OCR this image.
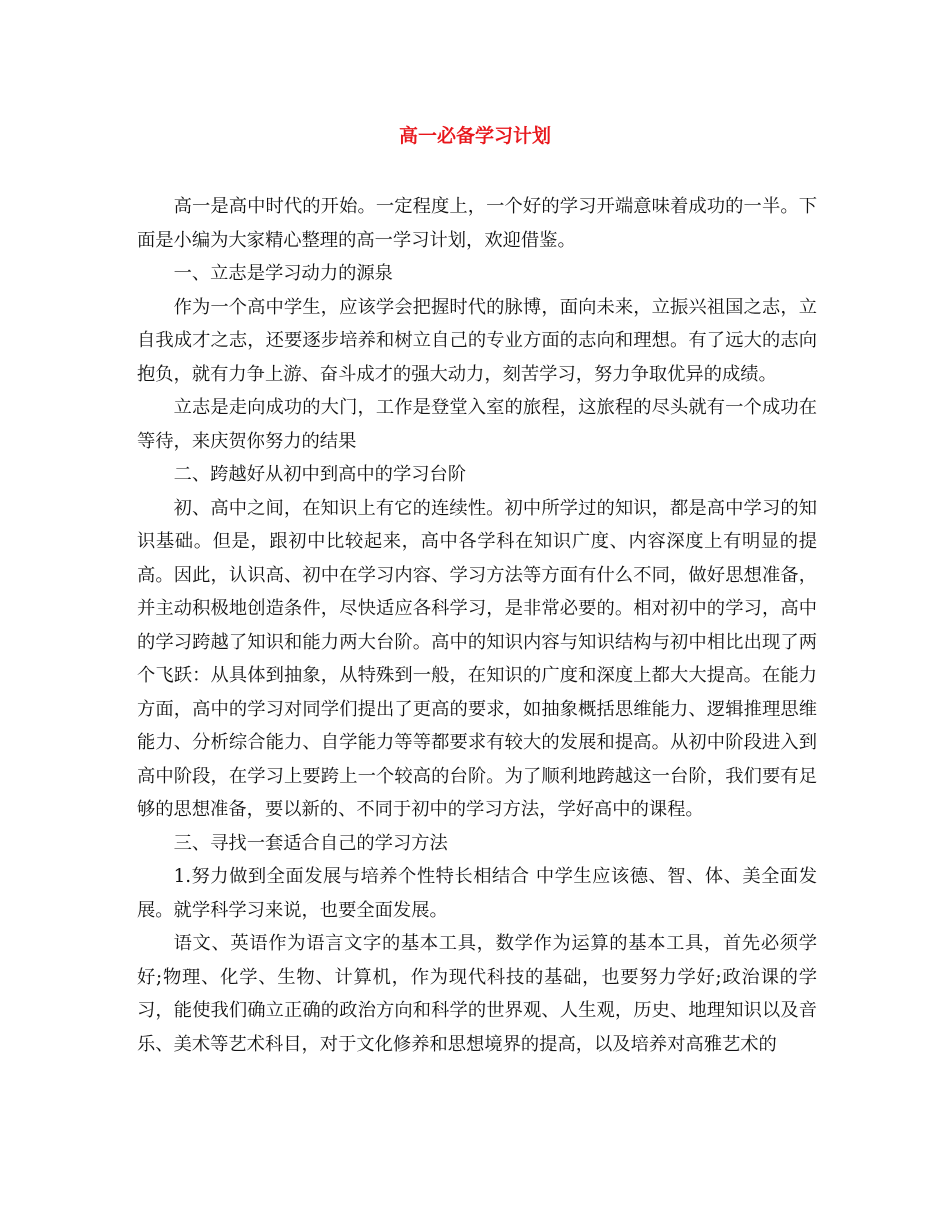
高一必备学习计划

高一是高中时代的开始。一定程度上，一个好的学习开端意味着成功的一半。下面是小编为大家精心整理的高一学习计划，欢迎借鉴。

一、立志是学习动力的源泉

作为一个高中学生，应该学会把握时代的脉博，面向未来，立振兴祖国之志，立自我成才之志，还要逐步培养和树立自己的专业方面的志向和理想。有了远大的志向抱负，就有力争上游、奋斗成才的强大动力，刻苦学习，努力争取优异的成绩。

立志是走向成功的大门，工作是登堂入室的旅程，这旅程的尽头就有一个成功在等待，来庆贺你努力的结果

二、跨越好从初中到高中的学习台阶

初、高中之间，在知识上有它的连续性。初中所学过的知识，都是高中学习的知识基础。但是，跟初中比较起来，高中各学科在知识广度、内容深度上有明显的提高。因此，认识高、初中在学习内容、学习方法等方面有什么不同，做好思想准备，并主动积极地创造条件，尽快适应各科学习，是非常必要的。相对初中的学习，高中的学习跨越了知识和能力两大台阶。高中的知识内容与知识结构与初中相比出现了两个飞跃：从具体到抽象，从特殊到一般，在知识的广度和深度上都大大提高。在能力方面，高中的学习对同学们提出了更高的要求，如抽象概括思维能力、逻辑推理思维能力、分析综合能力、自学能力等等都要求有较大的发展和提高。从初中阶段进入到高中阶段，在学习上要跨上一个较高的台阶。为了顺利地跨越这一台阶，我们要有足够的思想准备，要以新的、不同于初中的学习方法，学好高中的课程。

三、寻找一套适合自己的学习方法

1.努力做到全面发展与培养个性特长相结合 中学生应该德、智、体、美全面发展。就学科学习来说，也要全面发展。

语文、英语作为语言文字的基本工具，数学作为运算的基本工具，首先必须学好;物理、化学、生物、计算机，作为现代科技的基础，也要努力学好;政治课的学习，能使我们确立正确的政治方向和科学的世界观、人生观，历史、地理知识以及音乐、美术等艺术科目，对于文化修养和思想境界的提高，以及培养对高雅艺术的
